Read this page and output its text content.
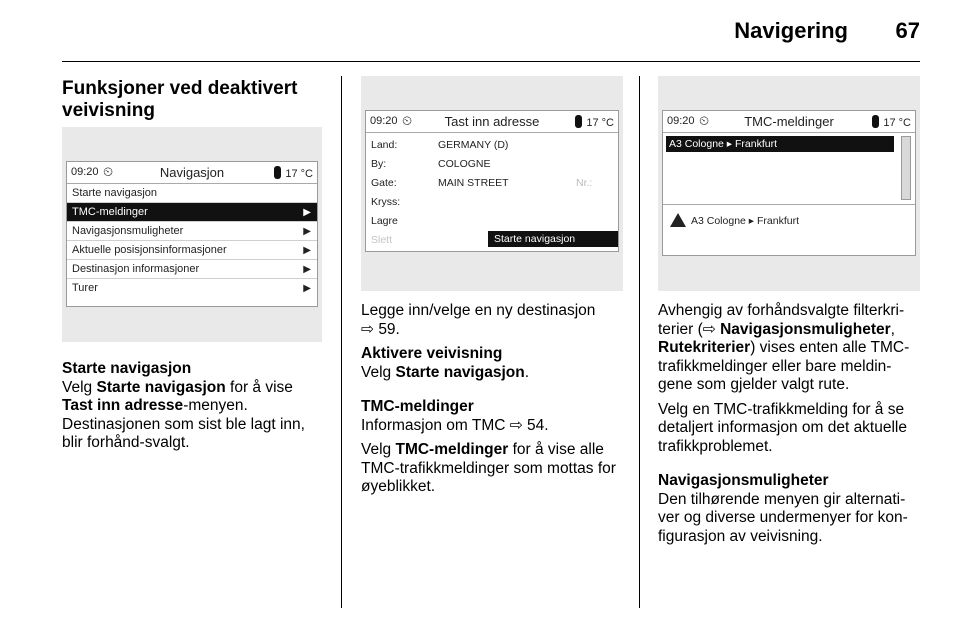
Navigering 67
Funksjoner ved deaktivert veivisning
09:20 ⏲	Navigasjon	17 °C
Starte navigasjon
TMC-meldinger	▶
Navigasjonsmuligheter	▶
Aktuelle posisjonsinformasjoner	▶
Destinasjon informasjoner	▶
Turer	▶
Starte navigasjon
Velg Starte navigasjon for å vise Tast inn adresse-menyen. Destinasjonen som sist ble lagt inn, blir forhånd-svalgt.
09:20 ⏲	Tast inn adresse	17 °C
Land:	GERMANY (D)
By:	COLOGNE
Gate:	MAIN STREET	Nr.:
Kryss:
Lagre
Slett	Starte navigasjon
Legge inn/velge en ny destinasjon
⇨ 59.
Aktivere veivisning
Velg Starte navigasjon.
TMC-meldinger
Informasjon om TMC ⇨ 54.
Velg TMC-meldinger for å vise alle TMC-trafikkmeldinger som mottas for øyeblikket.
09:20 ⏲	TMC-meldinger	17 °C
A3 Cologne ▸ Frankfurt
A3 Cologne ▸ Frankfurt
Avhengig av forhåndsvalgte filterkri-terier (⇨ Navigasjonsmuligheter, Rutekriterier) vises enten alle TMC-trafikkmeldinger eller bare meldin-gene som gjelder valgt rute.
Velg en TMC-trafikkmelding for å se detaljert informasjon om det aktuelle trafikkproblemet.
Navigasjonsmuligheter
Den tilhørende menyen gir alternati-ver og diverse undermenyer for kon-figurasjon av veivisning.
